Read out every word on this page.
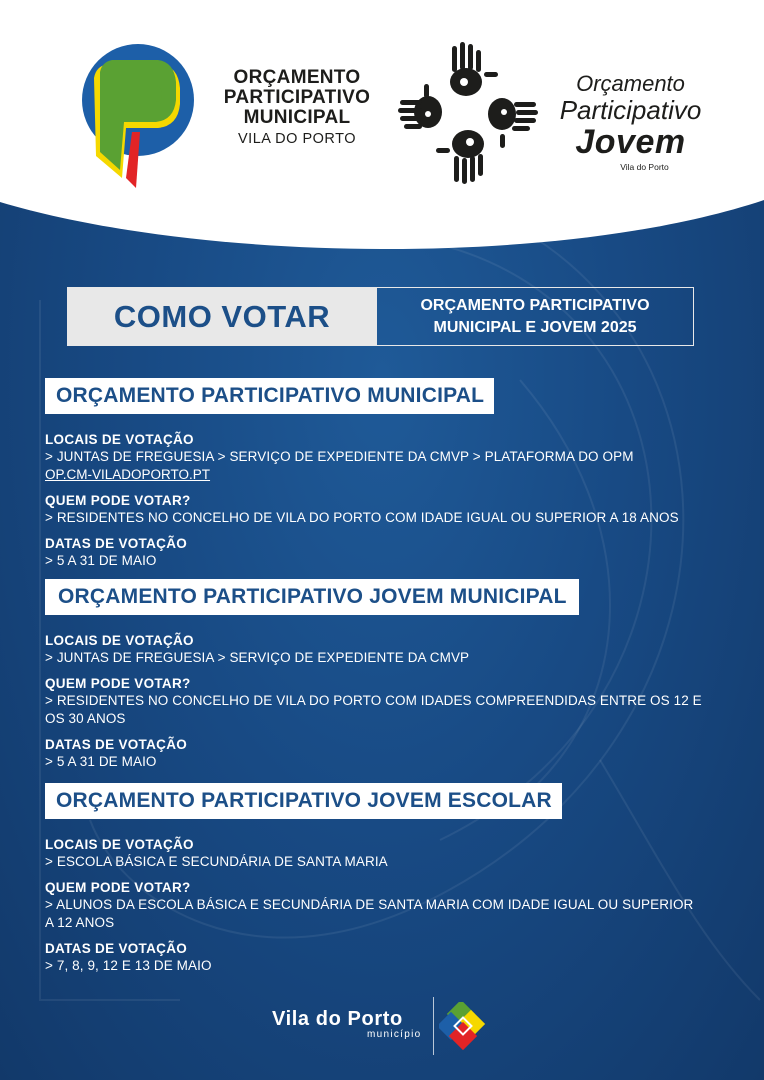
ORÇAMENTO
PARTICIPATIVO
MUNICIPAL
VILA DO PORTO
Orçamento
Participativo
Jovem
Vila do Porto
COMO VOTAR	ORÇAMENTO PARTICIPATIVO
MUNICIPAL E JOVEM 2025
ORÇAMENTO PARTICIPATIVO MUNICIPAL
LOCAIS DE VOTAÇÃO
> JUNTAS DE FREGUESIA > SERVIÇO DE EXPEDIENTE DA CMVP > PLATAFORMA DO OPM
OP.CM-VILADOPORTO.PT
QUEM PODE VOTAR?
> RESIDENTES NO CONCELHO DE VILA DO PORTO COM IDADE IGUAL OU SUPERIOR A 18 ANOS
DATAS DE VOTAÇÃO
> 5 A 31 DE MAIO
ORÇAMENTO PARTICIPATIVO JOVEM MUNICIPAL
LOCAIS DE VOTAÇÃO
> JUNTAS DE FREGUESIA > SERVIÇO DE EXPEDIENTE DA CMVP
QUEM PODE VOTAR?
> RESIDENTES NO CONCELHO DE VILA DO PORTO COM IDADES COMPREENDIDAS ENTRE OS 12 E
OS 30 ANOS
DATAS DE VOTAÇÃO
> 5 A 31 DE MAIO
ORÇAMENTO PARTICIPATIVO JOVEM ESCOLAR
LOCAIS DE VOTAÇÃO
> ESCOLA BÁSICA E SECUNDÁRIA DE SANTA MARIA
QUEM PODE VOTAR?
> ALUNOS DA ESCOLA BÁSICA E SECUNDÁRIA DE SANTA MARIA COM IDADE IGUAL OU SUPERIOR
A 12 ANOS
DATAS DE VOTAÇÃO
> 7, 8, 9, 12 E 13 DE MAIO
Vila do Porto
município
